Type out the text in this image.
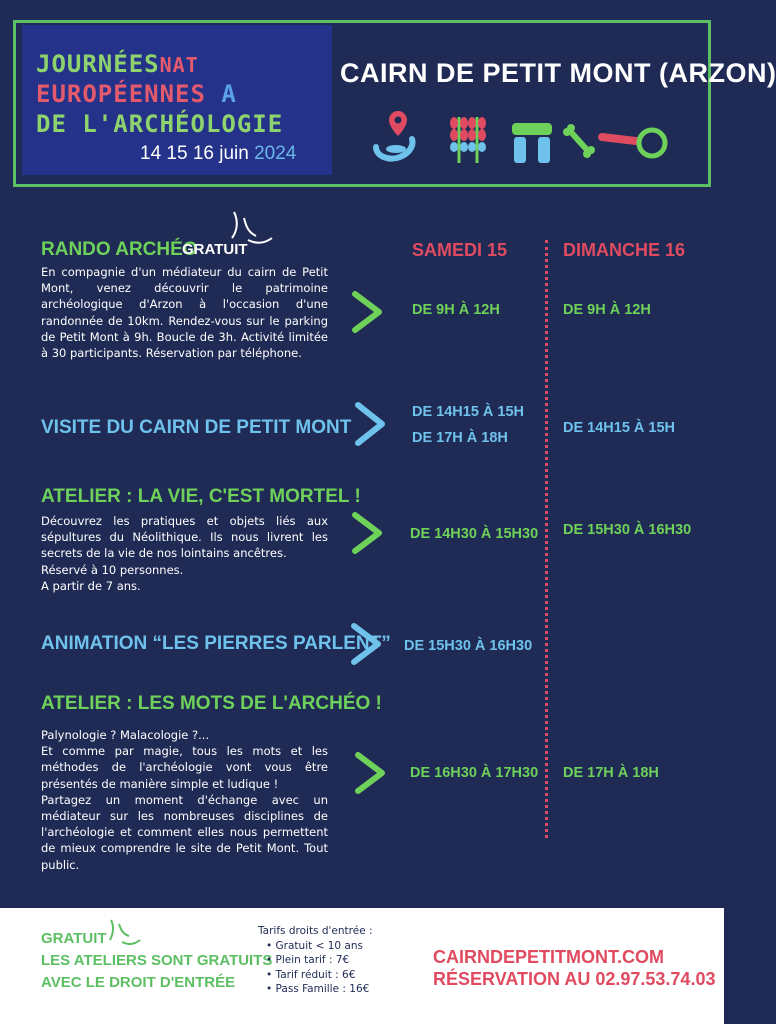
JOURNÉESNAT
EUROPÉENNES A
DE L'ARCHÉOLOGIE
14 15 16 juin 2024
CAIRN DE PETIT MONT (ARZON)
SAMEDI 15	DIMANCHE 16
RANDO ARCHÉO
GRATUIT
En compagnie d'un médiateur du cairn de Petit Mont, venez découvrir le patrimoine archéologique d'Arzon à l'occasion d'une randonnée de 10km. Rendez-vous sur le parking de Petit Mont à 9h. Boucle de 3h. Activité limitée à 30 participants. Réservation par téléphone.
DE 9H À 12H	DE 9H À 12H
VISITE DU CAIRN DE PETIT MONT
DE 14H15 À 15H
DE 17H À 18H
DE 14H15 À 15H
ATELIER : LA VIE, C'EST MORTEL !
Découvrez les pratiques et objets liés aux sépultures du Néolithique. Ils nous livrent les secrets de la vie de nos lointains ancêtres.
Réservé à 10 personnes.
A partir de 7 ans.
DE 14H30 À 15H30 DE 15H30 À 16H30
ANIMATION “LES PIERRES PARLENT” DE 15H30 À 16H30
ATELIER : LES MOTS DE L'ARCHÉO !
Palynologie ? Malacologie ?...
Et comme par magie, tous les mots et les méthodes de l'archéologie vont vous être présentés de manière simple et ludique !
Partagez un moment d'échange avec un médiateur sur les nombreuses disciplines de l'archéologie et comment elles nous permettent de mieux comprendre le site de Petit Mont. Tout public.
DE 16H30 À 17H30 DE 17H À 18H
GRATUIT
LES ATELIERS SONT GRATUITS
AVEC LE DROIT D'ENTRÉE
Tarifs droits d'entrée :
• Gratuit < 10 ans
• Plein tarif : 7€
• Tarif réduit : 6€
• Pass Famille : 16€
CAIRNDEPETITMONT.COM
RÉSERVATION AU 02.97.53.74.03
